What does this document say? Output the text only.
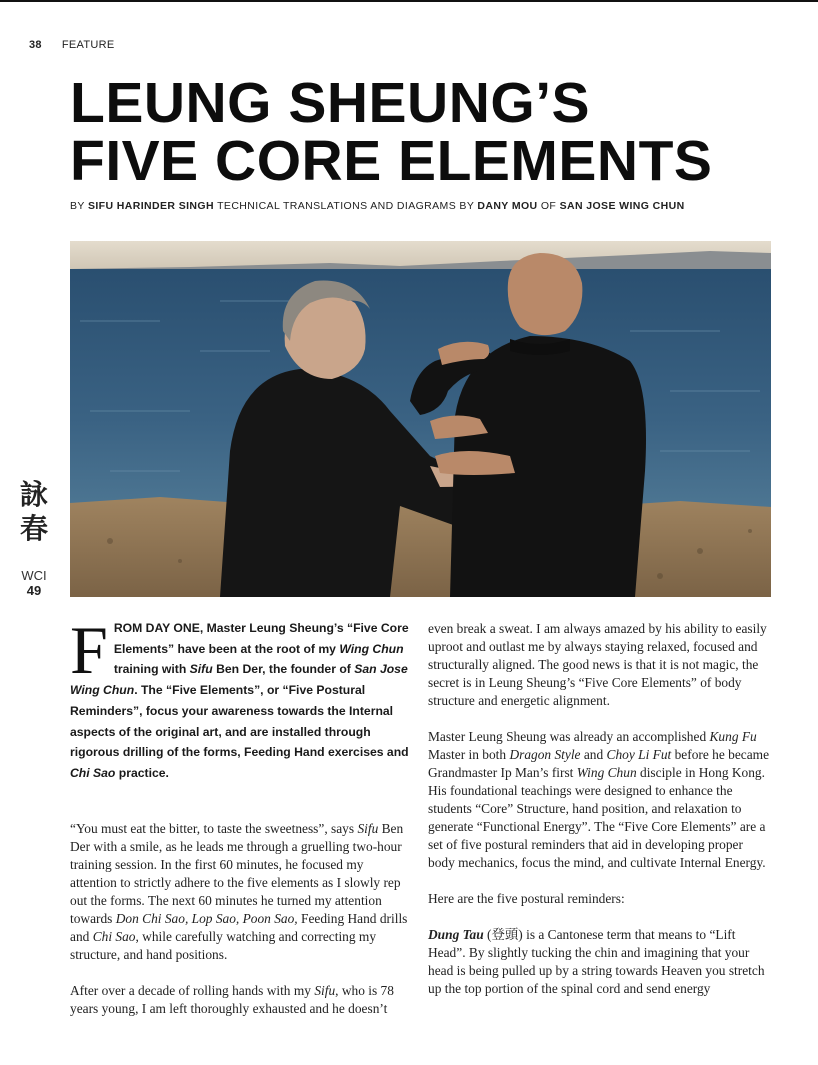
38 FEATURE
LEUNG SHEUNG’S
FIVE CORE ELEMENTS
BY SIFU HARINDER SINGH TECHNICAL TRANSLATIONS AND DIAGRAMS BY DANY MOU OF SAN JOSE WING CHUN
詠
春
WCI
49

FROM DAY ONE, Master Leung Sheung’s “Five Core Elements” have been at the root of my Wing Chun training with Sifu Ben Der, the founder of San Jose Wing Chun. The “Five Elements”, or “Five Postural Reminders”, focus your awareness towards the Internal aspects of the original art, and are installed through rigorous drilling of the forms, Feeding Hand exercises and Chi Sao practice.

“You must eat the bitter, to taste the sweetness”, says Sifu Ben Der with a smile, as he leads me through a gruelling two-hour training session. In the first 60 minutes, he focused my attention to strictly adhere to the five elements as I slowly rep out the forms. The next 60 minutes he turned my attention towards Don Chi Sao, Lop Sao, Poon Sao, Feeding Hand drills and Chi Sao, while carefully watching and correcting my structure, and hand positions.

After over a decade of rolling hands with my Sifu, who is 78 years young, I am left thoroughly exhausted and he doesn’t

even break a sweat. I am always amazed by his ability to easily uproot and outlast me by always staying relaxed, focused and structurally aligned. The good news is that it is not magic, the secret is in Leung Sheung’s “Five Core Elements” of body structure and energetic alignment.

Master Leung Sheung was already an accomplished Kung Fu Master in both Dragon Style and Choy Li Fut before he became Grandmaster Ip Man’s first Wing Chun disciple in Hong Kong. His foundational teachings were designed to enhance the students “Core” Structure, hand position, and relaxation to generate “Functional Energy”. The “Five Core Elements” are a set of five postural reminders that aid in developing proper body mechanics, focus the mind, and cultivate Internal Energy.

Here are the five postural reminders:

Dung Tau (登頭) is a Cantonese term that means to “Lift Head”. By slightly tucking the chin and imagining that your head is being pulled up by a string towards Heaven you stretch up the top portion of the spinal cord and send energy
